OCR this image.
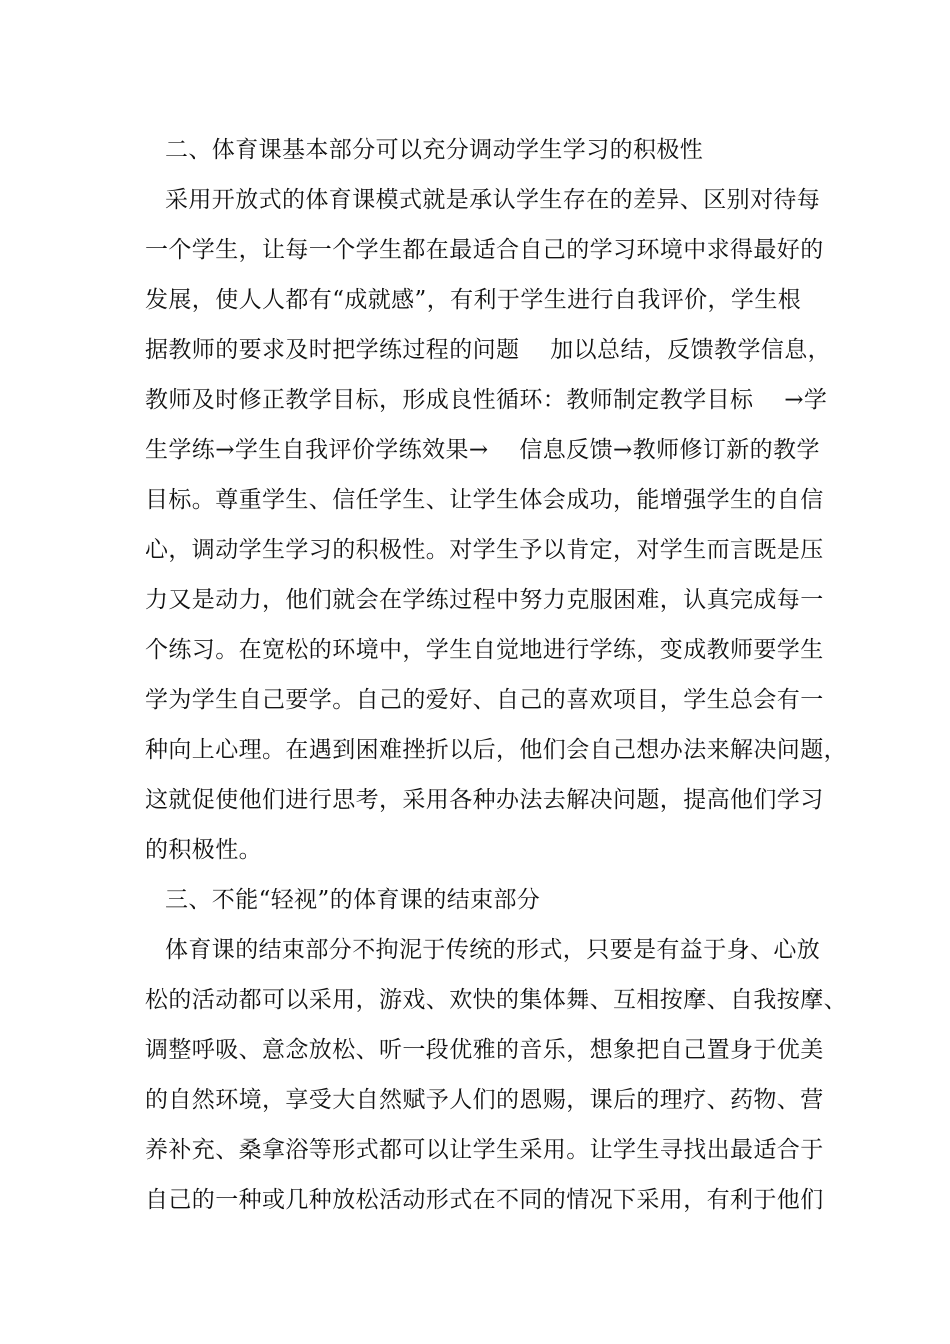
二、体育课基本部分可以充分调动学生学习的积极性
采用开放式的体育课模式就是承认学生存在的差异、区别对待每
一个学生，让每一个学生都在最适合自己的学习环境中求得最好的
发展，使人人都有“成就感”，有利于学生进行自我评价，学生根
据教师的要求及时把学练过程的问题    加以总结，反馈教学信息，
教师及时修正教学目标，形成良性循环：教师制定教学目标    →学
生学练→学生自我评价学练效果→    信息反馈→教师修订新的教学
目标。尊重学生、信任学生、让学生体会成功，能增强学生的自信
心，调动学生学习的积极性。对学生予以肯定，对学生而言既是压
力又是动力，他们就会在学练过程中努力克服困难，认真完成每一
个练习。在宽松的环境中，学生自觉地进行学练，变成教师要学生
学为学生自己要学。自己的爱好、自己的喜欢项目，学生总会有一
种向上心理。在遇到困难挫折以后，他们会自己想办法来解决问题，
这就促使他们进行思考，采用各种办法去解决问题，提高他们学习
的积极性。
三、不能“轻视”的体育课的结束部分
体育课的结束部分不拘泥于传统的形式，只要是有益于身、心放
松的活动都可以采用，游戏、欢快的集体舞、互相按摩、自我按摩、
调整呼吸、意念放松、听一段优雅的音乐，想象把自己置身于优美
的自然环境，享受大自然赋予人们的恩赐，课后的理疗、药物、营
养补充、桑拿浴等形式都可以让学生采用。让学生寻找出最适合于
自己的一种或几种放松活动形式在不同的情况下采用，有利于他们
